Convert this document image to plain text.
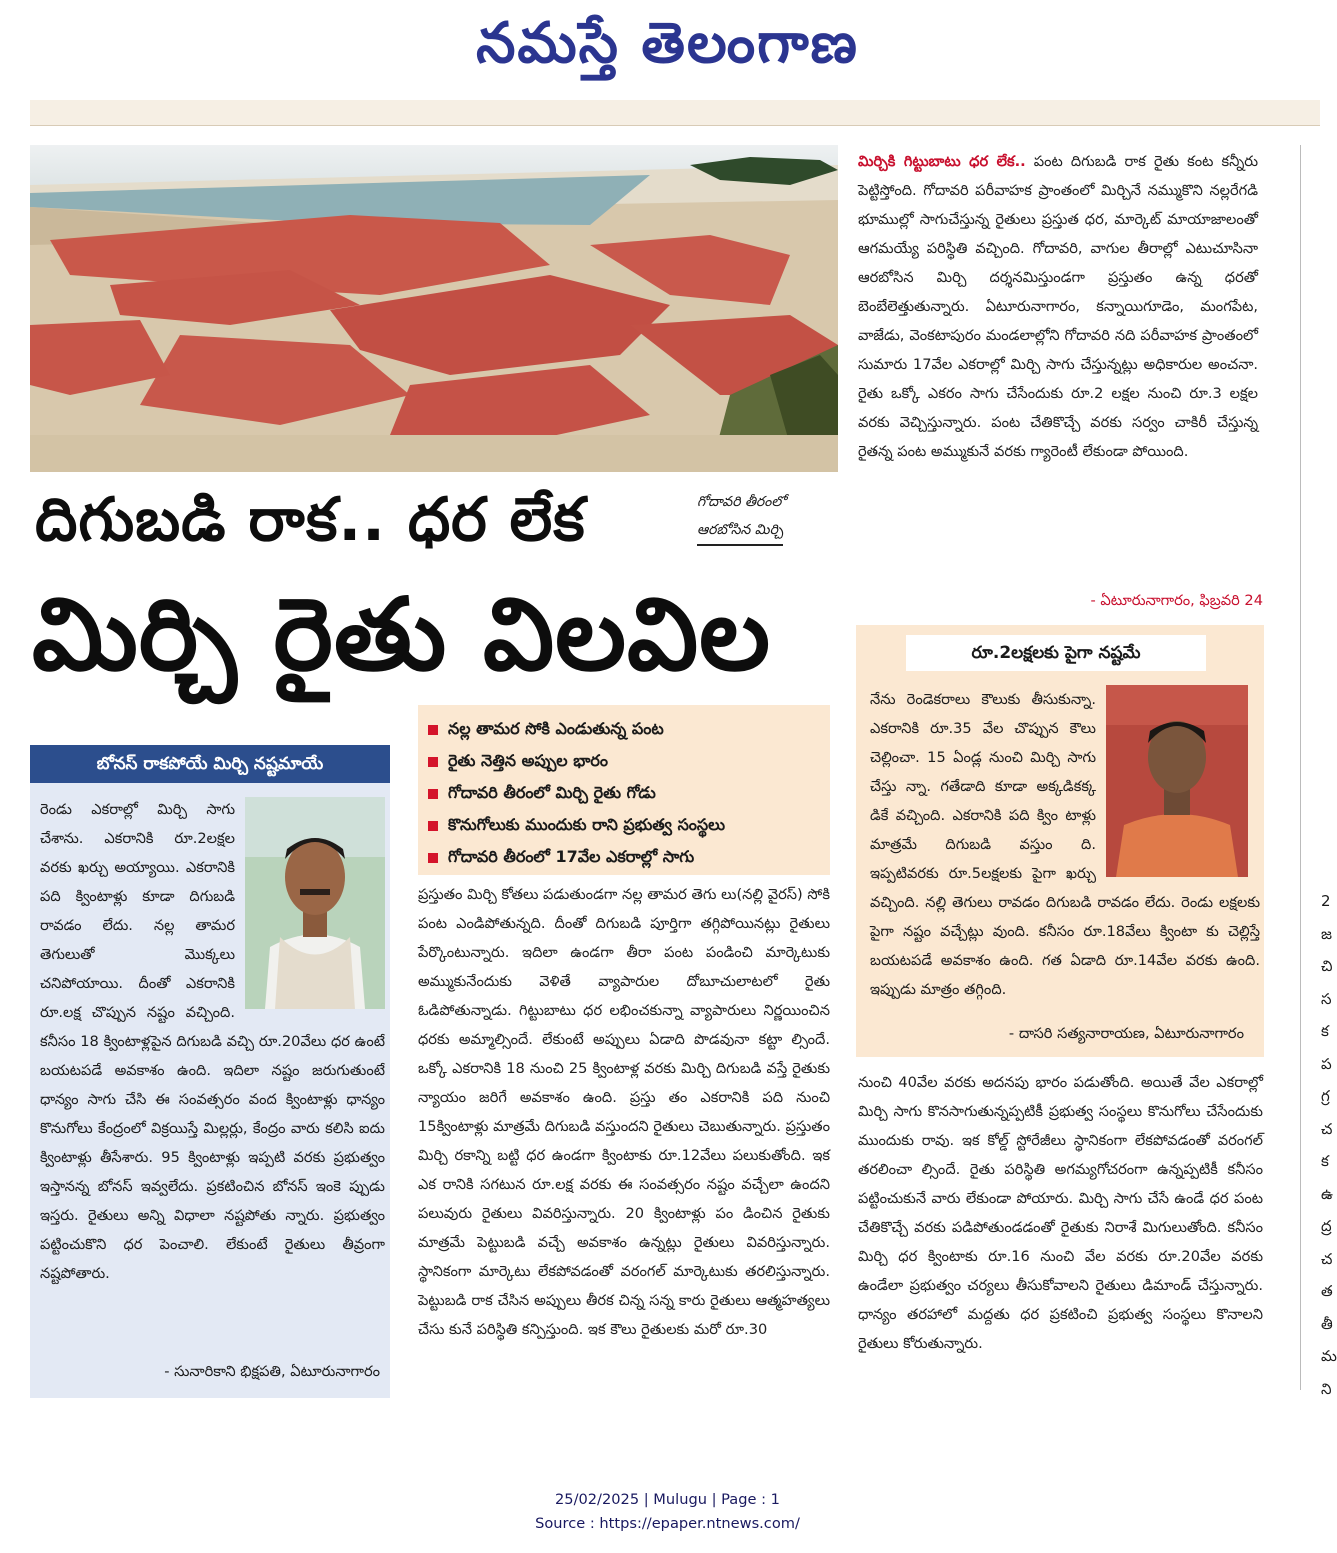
నమస్తే తెలంగాణ

మిర్చికి గిట్టుబాటు ధర లేక.. పంట దిగుబడి రాక రైతు కంట కన్నీరు పెట్టిస్తోంది. గోదావరి పరీవాహక ప్రాంతంలో మిర్చినే నమ్ముకొని నల్లరేగడి భూముల్లో సాగుచేస్తున్న రైతులు ప్రస్తుత ధర, మార్కెట్ మాయాజాలంతో ఆగమయ్యే పరిస్థితి వచ్చింది. గోదావరి, వాగుల తీరాల్లో ఎటుచూసినా ఆరబోసిన మిర్చి దర్శనమిస్తుండగా ప్రస్తుతం ఉన్న ధరతో బెంబేలెత్తుతున్నారు. ఏటూరునాగారం, కన్నాయిగూడెం, మంగపేట, వాజేడు, వెంకటాపురం మండలాల్లోని గోదావరి నది పరీవాహక ప్రాంతంలో సుమారు 17వేల ఎకరాల్లో మిర్చి సాగు చేస్తున్నట్లు అధికారుల అంచనా. రైతు ఒక్కో ఎకరం సాగు చేసేందుకు రూ.2 లక్షల నుంచి రూ.3 లక్షల వరకు వెచ్చిస్తున్నారు. పంట చేతికొచ్చే వరకు సర్వం చాకిరీ చేస్తున్న రైతన్న పంట అమ్ముకునే వరకు గ్యారెంటీ లేకుండా పోయింది.

- ఏటూరునాగారం, ఫిబ్రవరి 24
గోదావరి తీరంలో
ఆరబోసిన మిర్చి
దిగుబడి రాక.. ధర లేక
మిర్చి రైతు విలవిల
బోనస్ రాకపోయే మిర్చి నష్టమాయే

రెండు ఎకరాల్లో మిర్చి సాగు చేశాను. ఎకరానికి రూ.2లక్షల వరకు ఖర్చు అయ్యాయి. ఎకరానికి పది క్వింటాళ్లు కూడా దిగుబడి రావడం లేదు. నల్ల తామర తెగులుతో మొక్కలు చనిపోయాయి. దీంతో ఎకరానికి రూ.లక్ష చొప్పున నష్టం వచ్చింది. కనీసం 18 క్వింటాళ్లపైన దిగుబడి వచ్చి రూ.20వేలు ధర ఉంటే బయటపడే అవకాశం ఉంది. ఇదిలా నష్టం జరుగుతుంటే ధాన్యం సాగు చేసి ఈ సంవత్సరం వంద క్వింటాళ్లు ధాన్యం కొనుగోలు కేంద్రంలో విక్రయిస్తే మిల్లర్లు, కేంద్రం వారు కలిసి ఐదు క్వింటాళ్లు తీసేశారు. 95 క్వింటాళ్లు ఇప్పటి వరకు ప్రభుత్వం ఇస్తానన్న బోనస్ ఇవ్వలేదు. ప్రకటించిన బోనస్ ఇంకె ప్పుడు ఇస్తరు. రైతులు అన్ని విధాలా నష్టపోతు న్నారు. ప్రభుత్వం పట్టించుకొని ధర పెంచాలి. లేకుంటే రైతులు తీవ్రంగా నష్టపోతారు.

- సునారికాని భిక్షపతి, ఏటూరునాగారం
నల్ల తామర సోకి ఎండుతున్న పంట
రైతు నెత్తిన అప్పుల భారం
గోదావరి తీరంలో మిర్చి రైతు గోడు
కొనుగోలుకు ముందుకు రాని ప్రభుత్వ సంస్థలు
గోదావరి తీరంలో 17వేల ఎకరాల్లో సాగు

ప్రస్తుతం మిర్చి కోతలు పడుతుండగా నల్ల తామర తెగు లు(నల్లి వైరస్) సోకి పంట ఎండిపోతున్నది. దీంతో దిగుబడి పూర్తిగా తగ్గిపోయినట్లు రైతులు పేర్కొంటున్నారు. ఇదిలా ఉండగా తీరా పంట పండించి మార్కెటుకు అమ్ముకునేందుకు వెళితే వ్యాపారుల దోబూచులాటలో రైతు ఓడిపోతున్నాడు. గిట్టుబాటు ధర లభించకున్నా వ్యాపారులు నిర్ణయించిన ధరకు అమ్మాల్సిందే. లేకుంటే అప్పులు ఏడాది పొడవునా కట్టా ల్సిందే. ఒక్కో ఎకరానికి 18 నుంచి 25 క్వింటాళ్ల వరకు మిర్చి దిగుబడి వస్తే రైతుకు న్యాయం జరిగే అవకాశం ఉంది. ప్రస్తు తం ఎకరానికి పది నుంచి 15క్వింటాళ్లు మాత్రమే దిగుబడి వస్తుందని రైతులు చెబుతున్నారు. ప్రస్తుతం మిర్చి రకాన్ని బట్టి ధర ఉండగా క్వింటాకు రూ.12వేలు పలుకుతోంది. ఇక ఎక రానికి సగటున రూ.లక్ష వరకు ఈ సంవత్సరం నష్టం వచ్చేలా ఉందని పలువురు రైతులు వివరిస్తున్నారు. 20 క్వింటాళ్లు పం డించిన రైతుకు మాత్రమే పెట్టుబడి వచ్చే అవకాశం ఉన్నట్లు రైతులు వివరిస్తున్నారు. స్థానికంగా మార్కెటు లేకపోవడంతో వరంగల్ మార్కెటుకు తరలిస్తున్నారు. పెట్టుబడి రాక చేసిన అప్పులు తీరక చిన్న సన్న కారు రైతులు ఆత్మహత్యలు చేసు కునే పరిస్థితి కన్పిస్తుంది. ఇక కౌలు రైతులకు మరో రూ.30

రూ.2లక్షలకు పైగా నష్టమే

నేను రెండెకరాలు కౌలుకు తీసుకున్నా. ఎకరానికి రూ.35 వేల చొప్పున కౌలు చెల్లించా. 15 ఏండ్ల నుంచి మిర్చి సాగు చేస్తు న్నా. గతేడాది కూడా అక్కడికక్క డికే వచ్చింది. ఎకరానికి పది క్విం టాళ్లు మాత్రమే దిగుబడి వస్తుం ది. ఇప్పటివరకు రూ.5లక్షలకు పైగా ఖర్చు వచ్చింది. నల్లి తెగులు రావడం దిగుబడి రావడం లేదు. రెండు లక్షలకు పైగా నష్టం వచ్చేట్లు వుంది. కనీసం రూ.18వేలు క్వింటా కు చెల్లిస్తే బయటపడే అవకాశం ఉంది. గత ఏడాది రూ.14వేల వరకు ఉంది. ఇప్పుడు మాత్రం తగ్గింది.

- దాసరి సత్యనారాయణ, ఏటూరునాగారం

నుంచి 40వేల వరకు అదనపు భారం పడుతోంది. అయితే వేల ఎకరాల్లో మిర్చి సాగు కొనసాగుతున్నప్పటికీ ప్రభుత్వ సంస్థలు కొనుగోలు చేసేందుకు ముందుకు రావు. ఇక కోల్డ్ స్టోరేజీలు స్థానికంగా లేకపోవడంతో వరంగల్ తరలించా ల్సిందే. రైతు పరిస్థితి అగమ్యగోచరంగా ఉన్నప్పటికీ కనీసం పట్టించుకునే వారు లేకుండా పోయారు. మిర్చి సాగు చేసే ఉండే ధర పంట చేతికొచ్చే వరకు పడిపోతుండడంతో రైతుకు నిరాశే మిగులుతోంది. కనీసం మిర్చి ధర క్వింటాకు రూ.16 నుంచి వేల వరకు రూ.20వేల వరకు ఉండేలా ప్రభుత్వం చర్యలు తీసుకోవాలని రైతులు డిమాండ్ చేస్తున్నారు. ధాన్యం తరహాలో మద్దతు ధర ప్రకటించి ప్రభుత్వ సంస్థలు కొనాలని రైతులు కోరుతున్నారు.

2 జ చి స క ప గ్ర చ క ఉ ద్ర చ త తీ మ ని
25/02/2025 | Mulugu | Page : 1
Source : https://epaper.ntnews.com/
